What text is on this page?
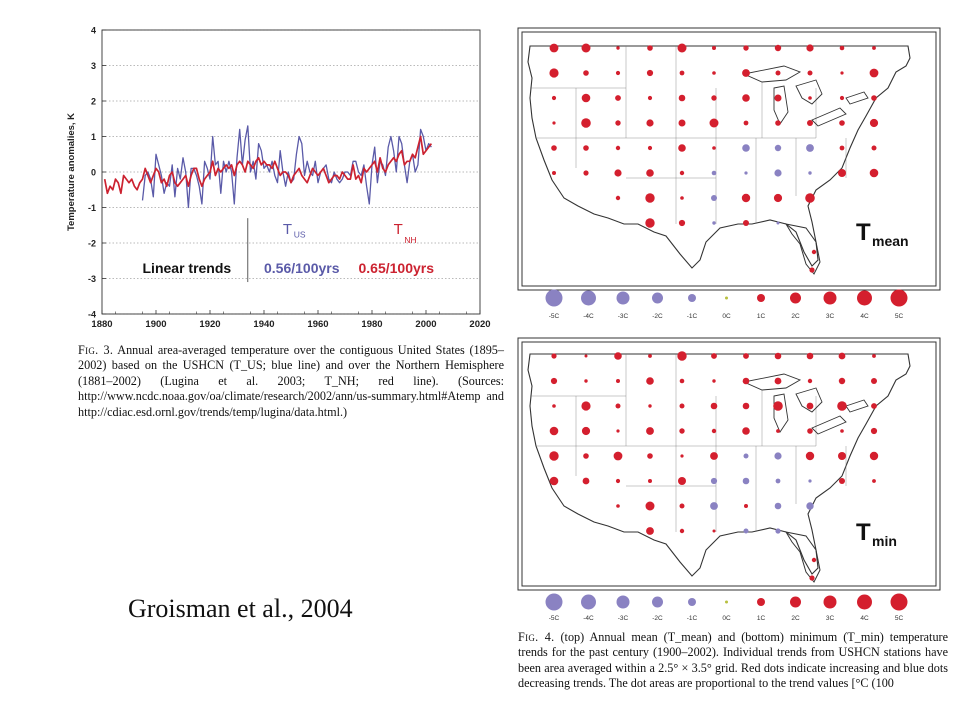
-4
-3
-2
-1
0
1
2
3
4
1880	1900	1920	1940	1960	1980	2000	2020
Temperature anomalies, K	T US	T
NH
Linear trends 0.56/100yrs 0.65/100yrs
Fig. 3. Annual area-averaged temperature over the contiguous United States (1895–2002) based on the USHCN (T_US; blue line) and over the Northern Hemisphere (1881–2002) (Lugina et al. 2003; T_NH; red line). (Sources: http://www.ncdc.noaa.gov/oa/climate/research/2002/ann/us-summary.html#Atemp and http://cdiac.esd.ornl.gov/trends/temp/lugina/data.html.)
Groisman et al., 2004
T mean
-5C	-4C	-3C	-2C	-1C	0C	1C	2C	3C	4C	5C
T min
-5C	-4C	-3C	-2C	-1C	0C	1C	2C	3C	4C	5C
Fig. 4. (top) Annual mean (T_mean) and (bottom) minimum (T_min) temperature trends for the past century (1900–2002). Individual trends from USHCN stations have been area averaged within a 2.5° × 3.5° grid. Red dots indicate increasing and blue dots decreasing trends. The dot areas are proportional to the trend values [°C (100
